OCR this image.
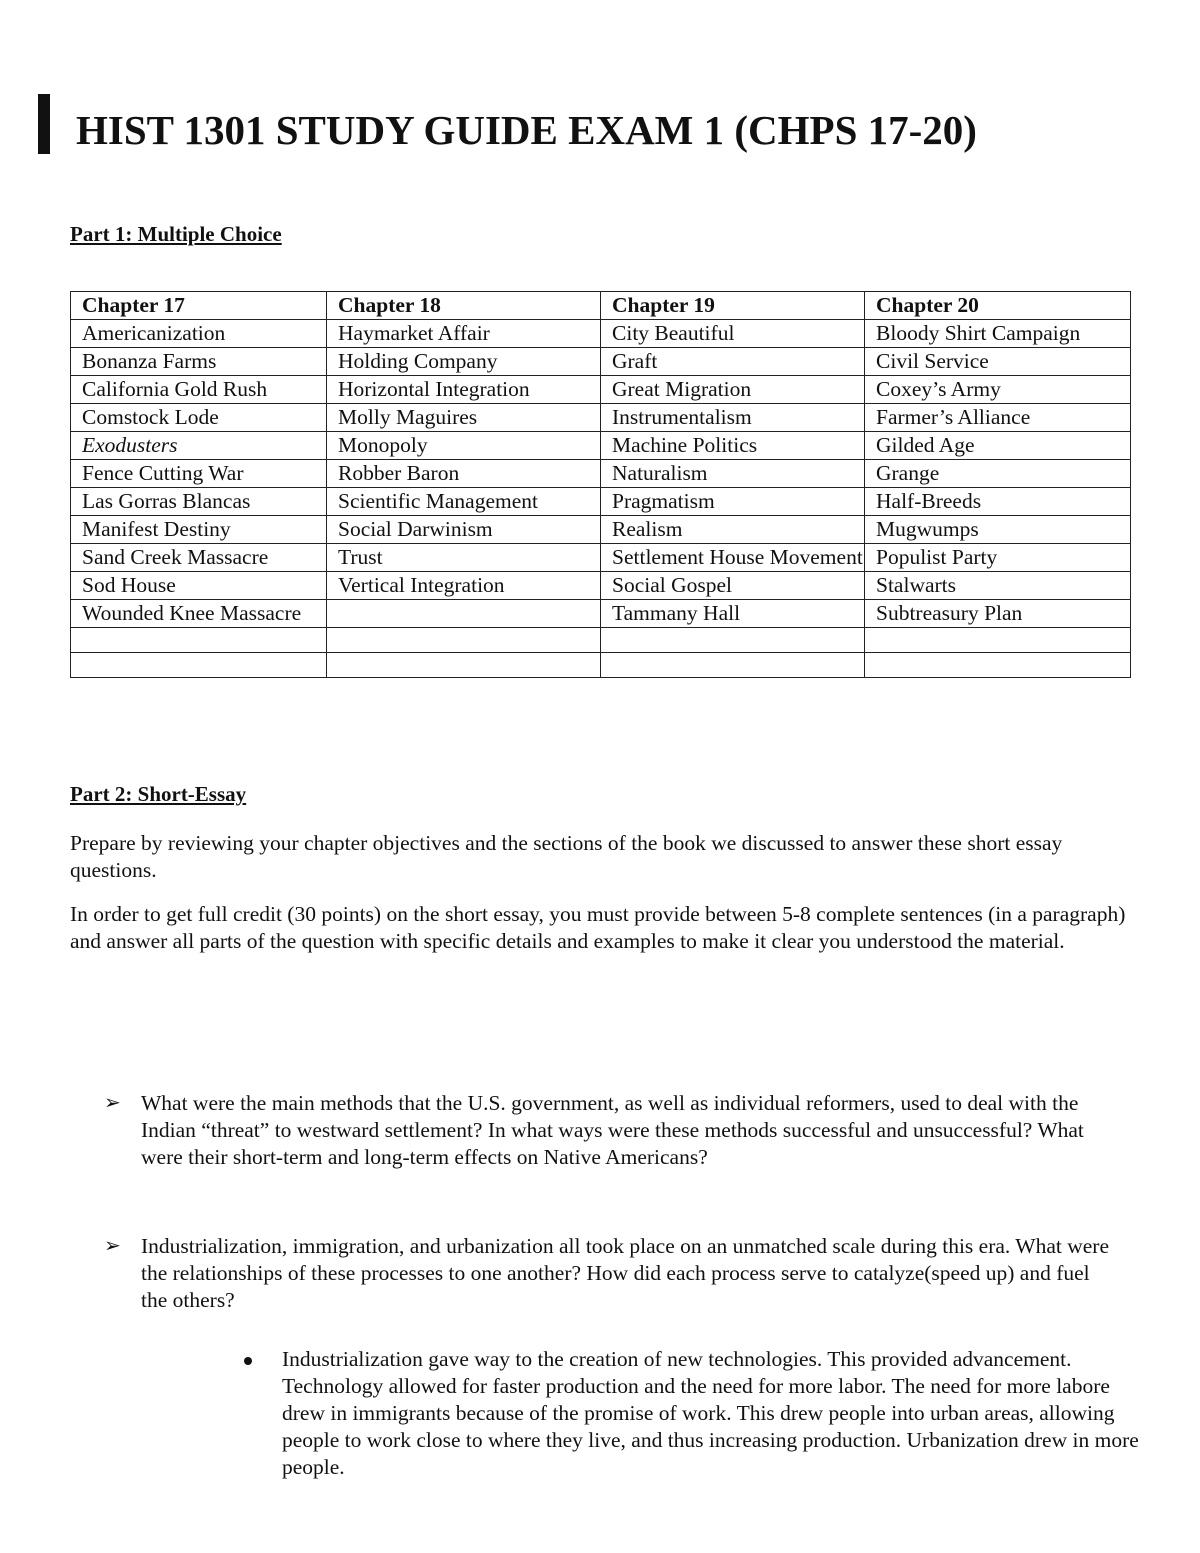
HIST 1301 STUDY GUIDE EXAM 1 (CHPS 17-20)
Part 1: Multiple Choice
Chapter 17	Chapter 18	Chapter 19	Chapter 20
Americanization	Haymarket Affair	City Beautiful	Bloody Shirt Campaign
Bonanza Farms	Holding Company	Graft	Civil Service
California Gold Rush	Horizontal Integration	Great Migration	Coxey’s Army
Comstock Lode	Molly Maguires	Instrumentalism	Farmer’s Alliance
Exodusters	Monopoly	Machine Politics	Gilded Age
Fence Cutting War	Robber Baron	Naturalism	Grange
Las Gorras Blancas	Scientific Management	Pragmatism	Half-Breeds
Manifest Destiny	Social Darwinism	Realism	Mugwumps
Sand Creek Massacre	Trust	Settlement House Movement	Populist Party
Sod House	Vertical Integration	Social Gospel	Stalwarts
Wounded Knee Massacre		Tammany Hall	Subtreasury Plan

Part 2: Short-Essay

Prepare by reviewing your chapter objectives and the sections of the book we discussed to answer these short essay questions.

In order to get full credit (30 points) on the short essay, you must provide between 5-8 complete sentences (in a paragraph) and answer all parts of the question with specific details and examples to make it clear you understood the material.

➢ What were the main methods that the U.S. government, as well as individual reformers, used to deal with the Indian “threat” to westward settlement? In what ways were these methods successful and unsuccessful? What were their short-term and long-term effects on Native Americans?
➢ Industrialization, immigration, and urbanization all took place on an unmatched scale during this era. What were the relationships of these processes to one another? How did each process serve to catalyze(speed up) and fuel the others?
Industrialization gave way to the creation of new technologies. This provided advancement. Technology allowed for faster production and the need for more labor. The need for more labore drew in immigrants because of the promise of work. This drew people into urban areas, allowing people to work close to where they live, and thus increasing production. Urbanization drew in more people.
